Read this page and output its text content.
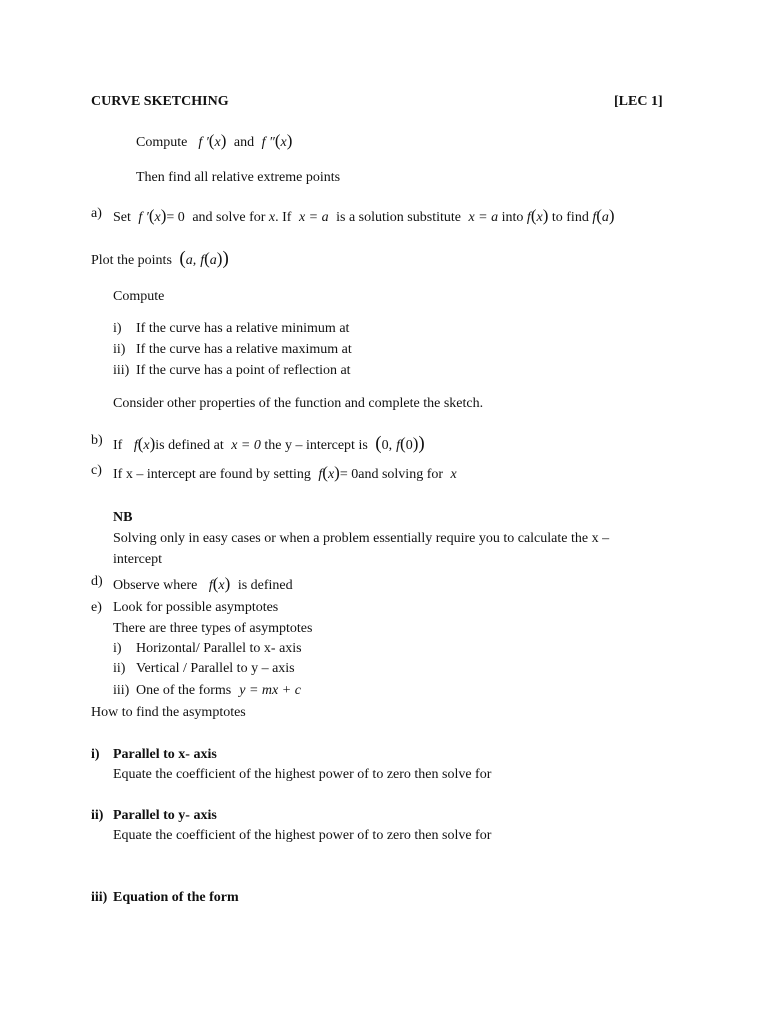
CURVE SKETCHING	[LEC 1]
Compute f ′(x) and f ″(x)
Then find all relative extreme points
a) Set f ′(x)= 0 and solve for x. If x = a is a solution substitute x = a into f(x) to find f(a)
Plot the points (a, f(a))
Compute
i) If the curve has a relative minimum at
ii) If the curve has a relative maximum at
iii) If the curve has a point of reflection at
Consider other properties of the function and complete the sketch.
b) If f(x)is defined at x = 0 the y – intercept is (0, f(0))
c) If x – intercept are found by setting f(x)= 0and solving for x
NB
Solving only in easy cases or when a problem essentially require you to calculate the x –
intercept
d) Observe where f(x) is defined
e) Look for possible asymptotes
There are three types of asymptotes
i) Horizontal/ Parallel to x- axis
ii) Vertical / Parallel to y – axis
iii) One of the forms y = mx + c
How to find the asymptotes
i) Parallel to x- axis
Equate the coefficient of the highest power of to zero then solve for
ii) Parallel to y- axis
Equate the coefficient of the highest power of to zero then solve for
iii) Equation of the form
